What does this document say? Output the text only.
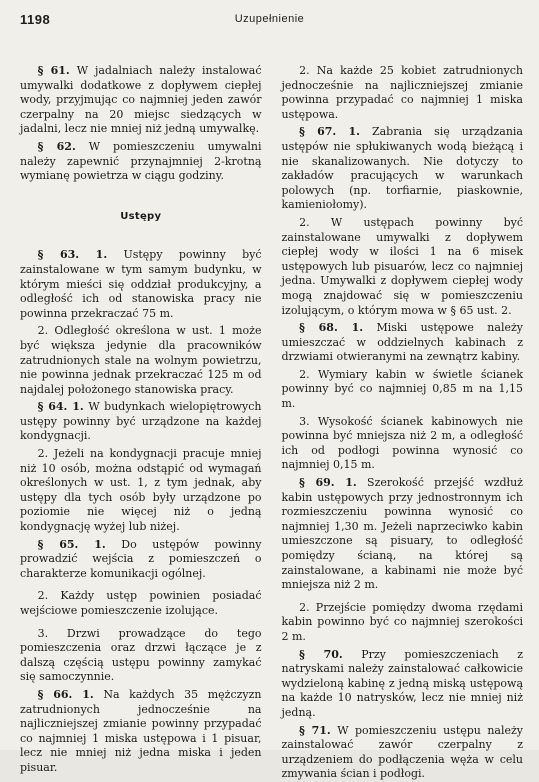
1198	Uzupełnienie

§ 61. W jadalniach należy instalować umywalki dodatkowe z dopływem ciepłej wody, przyjmując co najmniej jeden zawór czerpalny na 20 miejsc siedzących w jadalni, lecz nie mniej niż jedną umywalkę.

§ 62. W pomieszczeniu umywalni należy zapewnić przynajmniej 2-krotną wymianę powietrza w ciągu godziny.

Ustępy

§ 63. 1. Ustępy powinny być zainstalowane w tym samym budynku, w którym mieści się oddział produkcyjny, a odległość ich od stanowiska pracy nie powinna przekraczać 75 m.

2. Odległość określona w ust. 1 może być większa jedynie dla pracowników zatrudnionych stale na wolnym powietrzu, nie powinna jednak przekraczać 125 m od najdalej położonego stanowiska pracy.

§ 64. 1. W budynkach wielopiętrowych ustępy powinny być urządzone na każdej kondygnacji.

2. Jeżeli na kondygnacji pracuje mniej niż 10 osób, można odstąpić od wymagań określonych w ust. 1, z tym jednak, aby ustępy dla tych osób były urządzone po poziomie nie więcej niż o jedną kondygnację wyżej lub niżej.

§ 65. 1. Do ustępów powinny prowadzić wejścia z pomieszczeń o charakterze komunikacji ogólnej.

2. Każdy ustęp powinien posiadać wejściowe pomieszczenie izolujące.

3. Drzwi prowadzące do tego pomieszczenia oraz drzwi łączące je z dalszą częścią ustępu powinny zamykać się samoczynnie.

§ 66. 1. Na każdych 35 mężczyzn zatrudnionych jednocześnie na najliczniejszej zmianie powinny przypadać co najmniej 1 miska ustępowa i 1 pisuar, lecz nie mniej niż jedna miska i jeden pisuar.

2. Na każde 25 kobiet zatrudnionych jednocześnie na najliczniejszej zmianie powinna przypadać co najmniej 1 miska ustępowa.

§ 67. 1. Zabrania się urządzania ustępów nie spłukiwanych wodą bieżącą i nie skanalizowanych. Nie dotyczy to zakładów pracujących w warunkach polowych (np. torfiarnie, piaskownie, kamieniołomy).

2. W ustępach powinny być zainstalowane umywalki z dopływem ciepłej wody w ilości 1 na 6 misek ustępowych lub pisuarów, lecz co najmniej jedna. Umywalki z dopływem ciepłej wody mogą znajdować się w pomieszczeniu izolującym, o którym mowa w § 65 ust. 2.

§ 68. 1. Miski ustępowe należy umieszczać w oddzielnych kabinach z drzwiami otwieranymi na zewnątrz kabiny.

2. Wymiary kabin w świetle ścianek powinny być co najmniej 0,85 m na 1,15 m.

3. Wysokość ścianek kabinowych nie powinna być mniejsza niż 2 m, a odległość ich od podłogi powinna wynosić co najmniej 0,15 m.

§ 69. 1. Szerokość przejść wzdłuż kabin ustępowych przy jednostronnym ich rozmieszczeniu powinna wynosić co najmniej 1,30 m. Jeżeli naprzeciwko kabin umieszczone są pisuary, to odległość pomiędzy ścianą, na której są zainstalowane, a kabinami nie może być mniejsza niż 2 m.

2. Przejście pomiędzy dwoma rzędami kabin powinno być co najmniej szerokości 2 m.

§ 70. Przy pomieszczeniach z natryskami należy zainstalować całkowicie wydzieloną kabinę z jedną miską ustępową na każde 10 natrysków, lecz nie mniej niż jedną.

§ 71. W pomieszczeniu ustępu należy zainstalować zawór czerpalny z urządzeniem do podłączenia węża w celu zmywania ścian i podłogi.
